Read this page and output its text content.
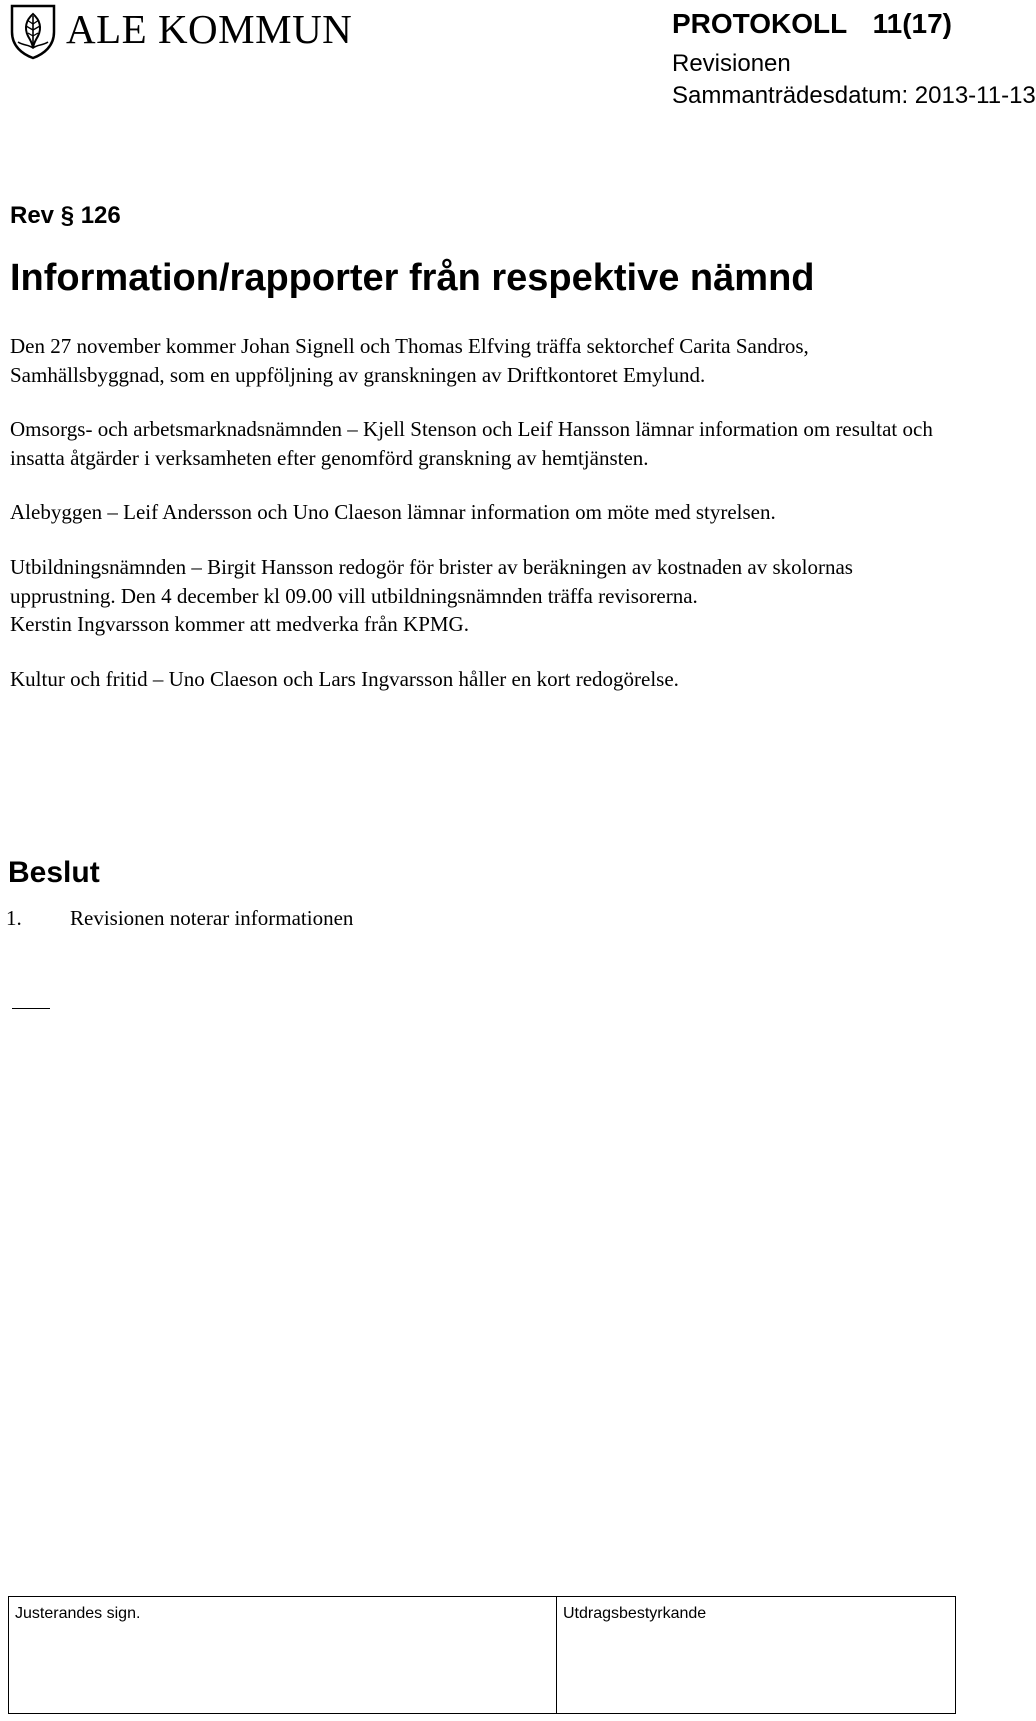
ALE KOMMUN	PROTOKOLL 11(17)
Revisionen
Sammanträdesdatum: 2013-11-13
Rev § 126
Information/rapporter från respektive nämnd

Den 27 november kommer Johan Signell och Thomas Elfving träffa sektorchef Carita Sandros, Samhällsbyggnad, som en uppföljning av granskningen av Driftkontoret Emylund.

Omsorgs- och arbetsmarknadsnämnden – Kjell Stenson och Leif Hansson lämnar information om resultat och insatta åtgärder i verksamheten efter genomförd granskning av hemtjänsten.

Alebyggen – Leif Andersson och Uno Claeson lämnar information om möte med styrelsen.

Utbildningsnämnden – Birgit Hansson redogör för brister av beräkningen av kostnaden av skolornas upprustning. Den 4 december kl 09.00 vill utbildningsnämnden träffa revisorerna.

Kerstin Ingvarsson kommer att medverka från KPMG.

Kultur och fritid – Uno Claeson och Lars Ingvarsson håller en kort redogörelse.

Beslut
1. Revisionen noterar informationen
Justerandes sign.	Utdragsbestyrkande
